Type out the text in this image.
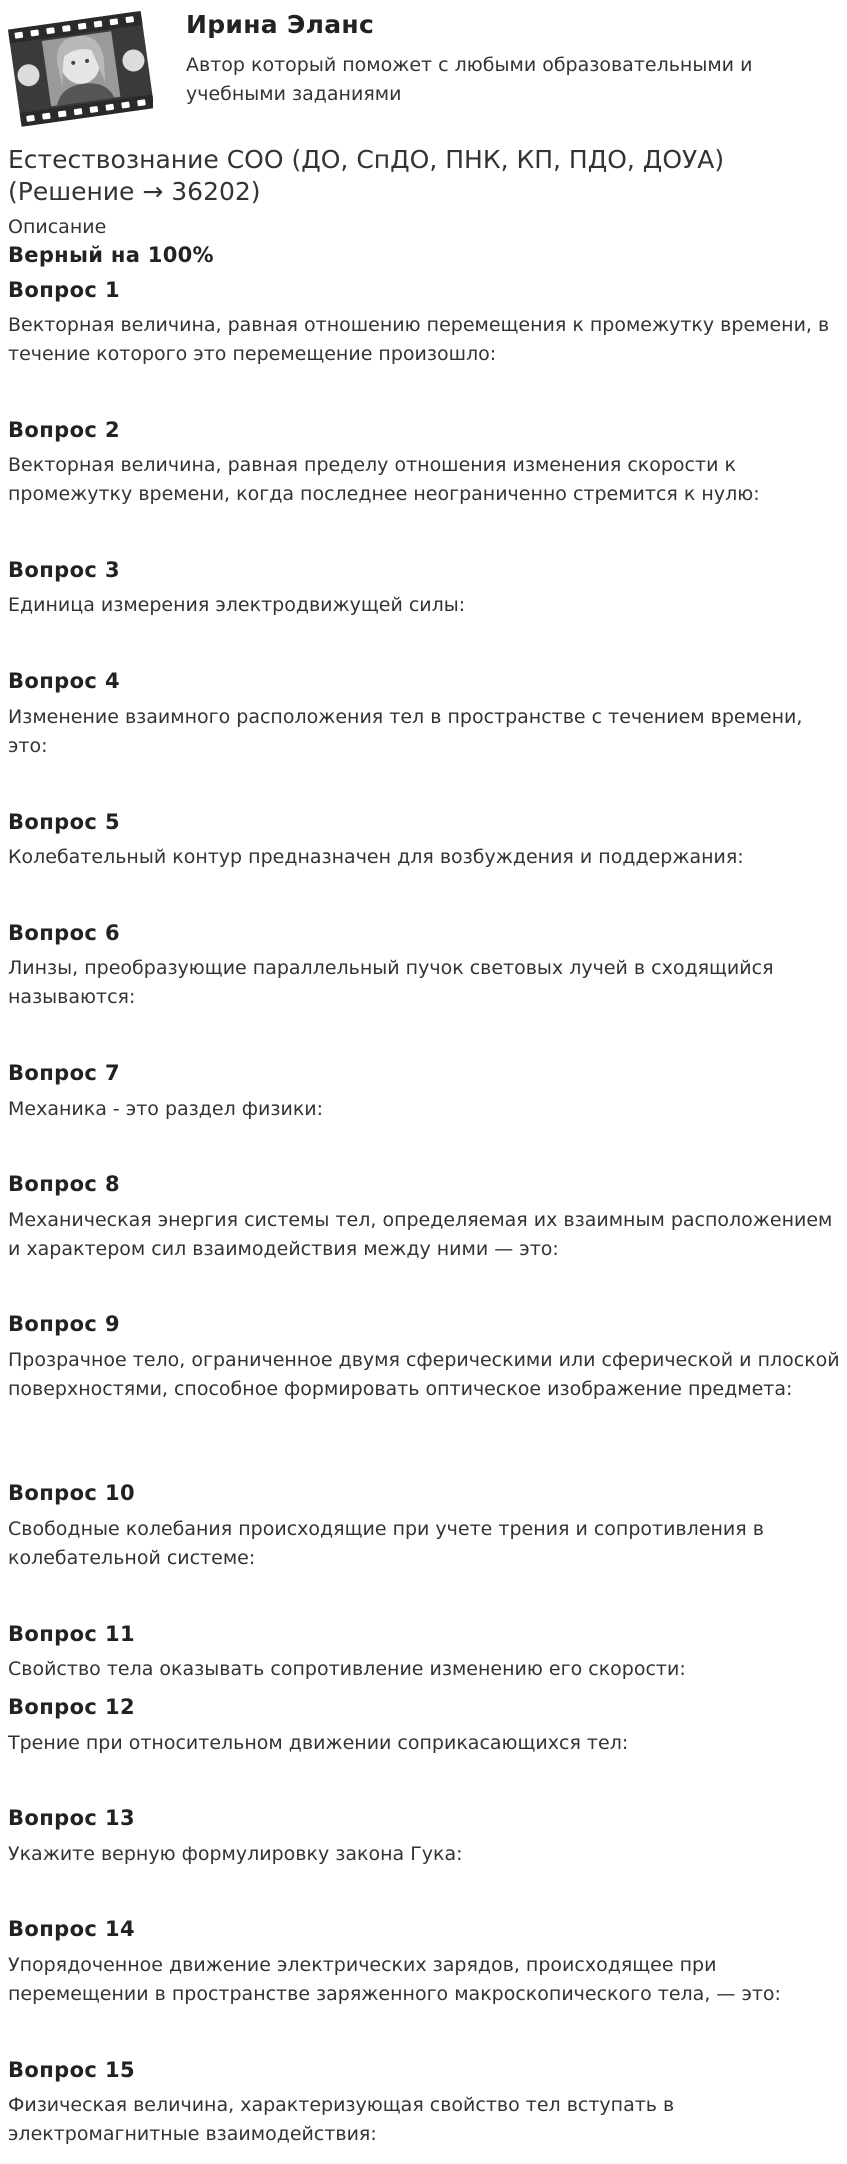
Ирина Эланс
Автор который поможет с любыми образовательными и учебными заданиями
Естествознание СОО (ДО, СпДО, ПНК, КП, ПДО, ДОУА) (Решение → 36202)
Описание
Верный на 100%
Вопрос 1

Векторная величина, равная отношению перемещения к промежутку времени, в течение которого это перемещение произошло:

Вопрос 2

Векторная величина, равная пределу отношения изменения скорости к промежутку времени, когда последнее неограниченно стремится к нулю:

Вопрос 3

Единица измерения электродвижущей силы:

Вопрос 4

Изменение взаимного расположения тел в пространстве с течением времени, это:

Вопрос 5

Колебательный контур предназначен для возбуждения и поддержания:

Вопрос 6

Линзы, преобразующие параллельный пучок световых лучей в сходящийся называются:

Вопрос 7

Механика - это раздел физики:

Вопрос 8

Механическая энергия системы тел, определяемая их взаимным расположением и характером сил взаимодействия между ними — это:

Вопрос 9

Прозрачное тело, ограниченное двумя сферическими или сферической и плоской поверхностями, способное формировать оптическое изображение предмета:

Вопрос 10

Свободные колебания происходящие при учете трения и сопротивления в колебательной системе:

Вопрос 11

Свойство тела оказывать сопротивление изменению его скорости:

Вопрос 12

Трение при относительном движении соприкасающихся тел:

Вопрос 13

Укажите верную формулировку закона Гука:

Вопрос 14

Упорядоченное движение электрических зарядов, происходящее при перемещении в пространстве заряженного макроскопического тела, — это:

Вопрос 15

Физическая величина, характеризующая свойство тел вступать в электромагнитные взаимодействия:
